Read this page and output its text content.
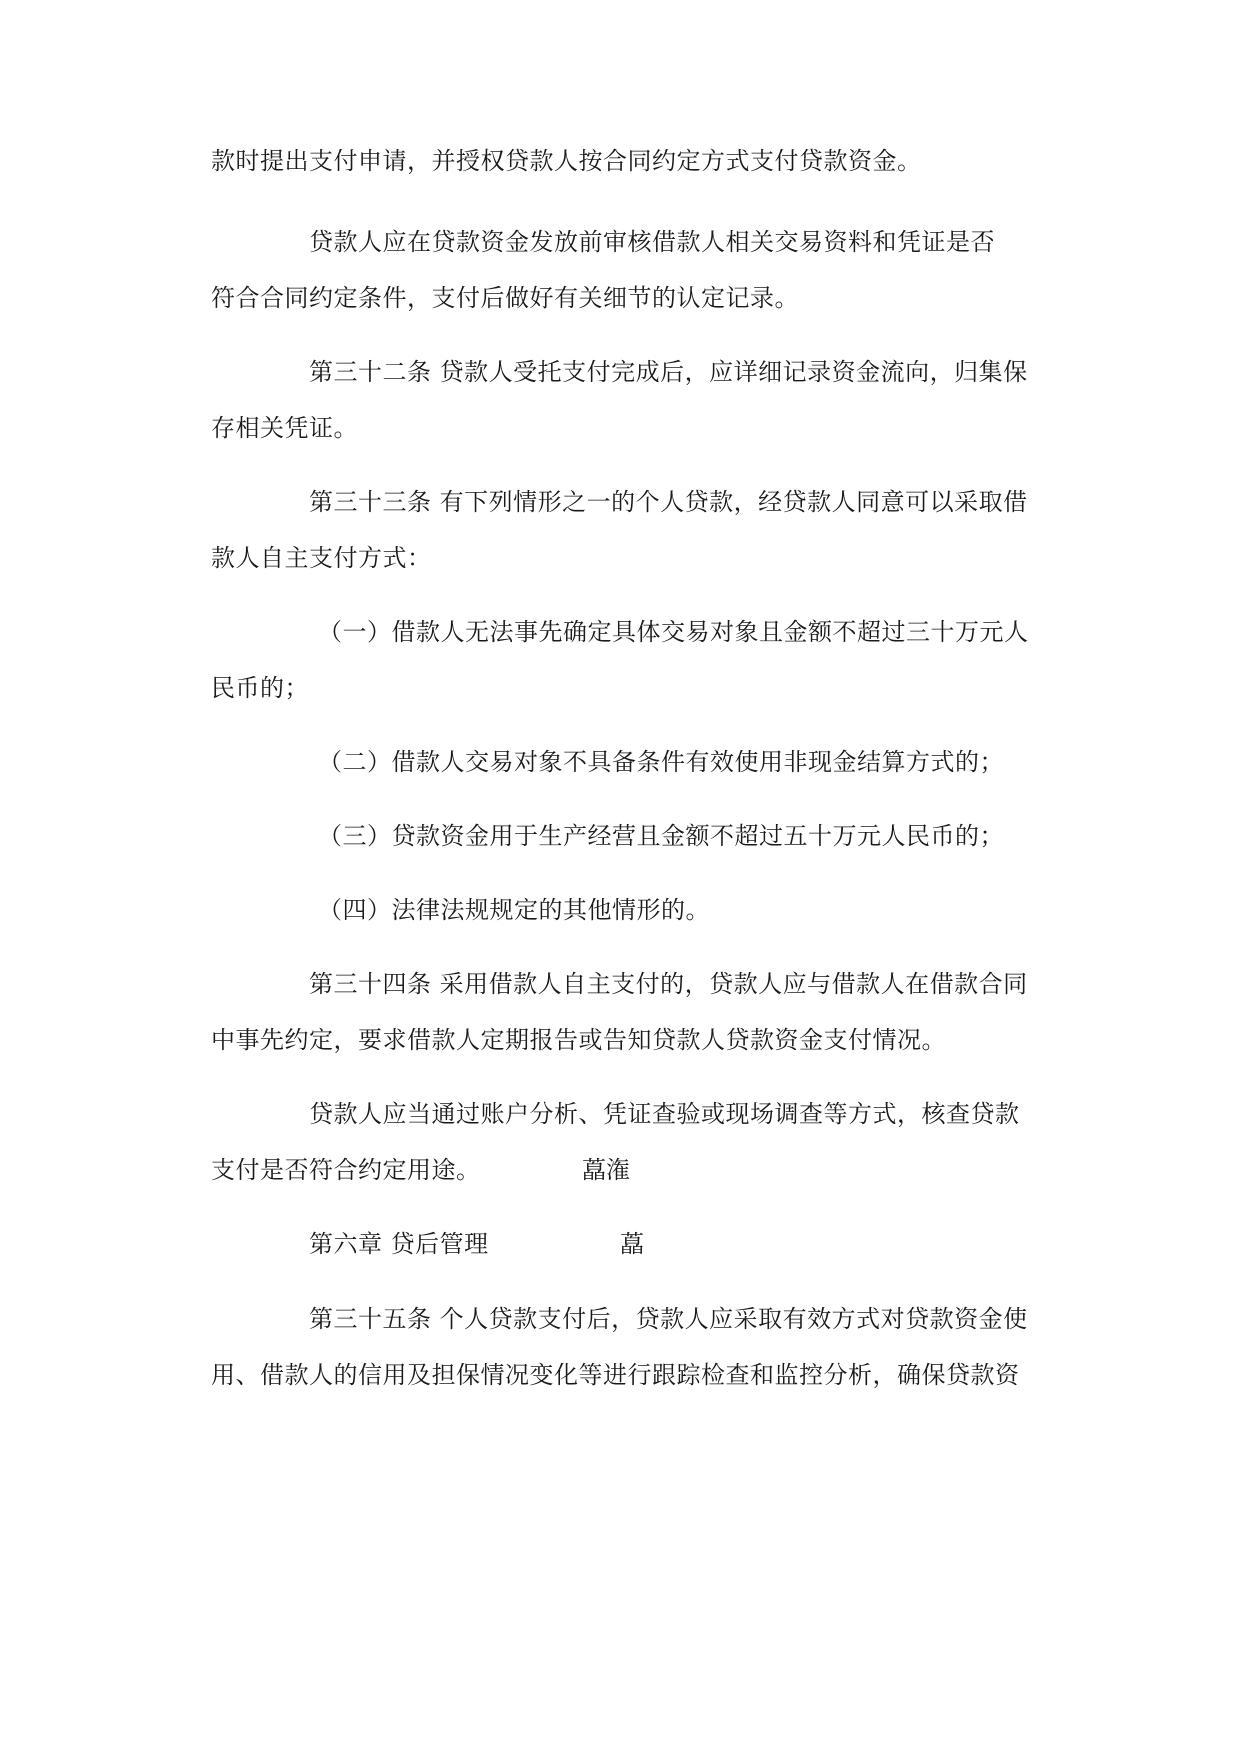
款时提出支付申请，并授权贷款人按合同约定方式支付贷款资金。
贷款人应在贷款资金发放前审核借款人相关交易资料和凭证是否
符合合同约定条件，支付后做好有关细节的认定记录。
第三十二条 贷款人受托支付完成后，应详细记录资金流向，归集保
存相关凭证。
第三十三条 有下列情形之一的个人贷款，经贷款人同意可以采取借
款人自主支付方式：
（一）借款人无法事先确定具体交易对象且金额不超过三十万元人
民币的；
（二）借款人交易对象不具备条件有效使用非现金结算方式的；
（三）贷款资金用于生产经营且金额不超过五十万元人民币的；
（四）法律法规规定的其他情形的。
第三十四条 采用借款人自主支付的，贷款人应与借款人在借款合同
中事先约定，要求借款人定期报告或告知贷款人贷款资金支付情况。
贷款人应当通过账户分析、凭证查验或现场调查等方式，核查贷款
支付是否符合约定用途。	藠潅
第六章 贷后管理	藠
第三十五条 个人贷款支付后，贷款人应采取有效方式对贷款资金使
用、借款人的信用及担保情况变化等进行跟踪检查和监控分析，确保贷款资
